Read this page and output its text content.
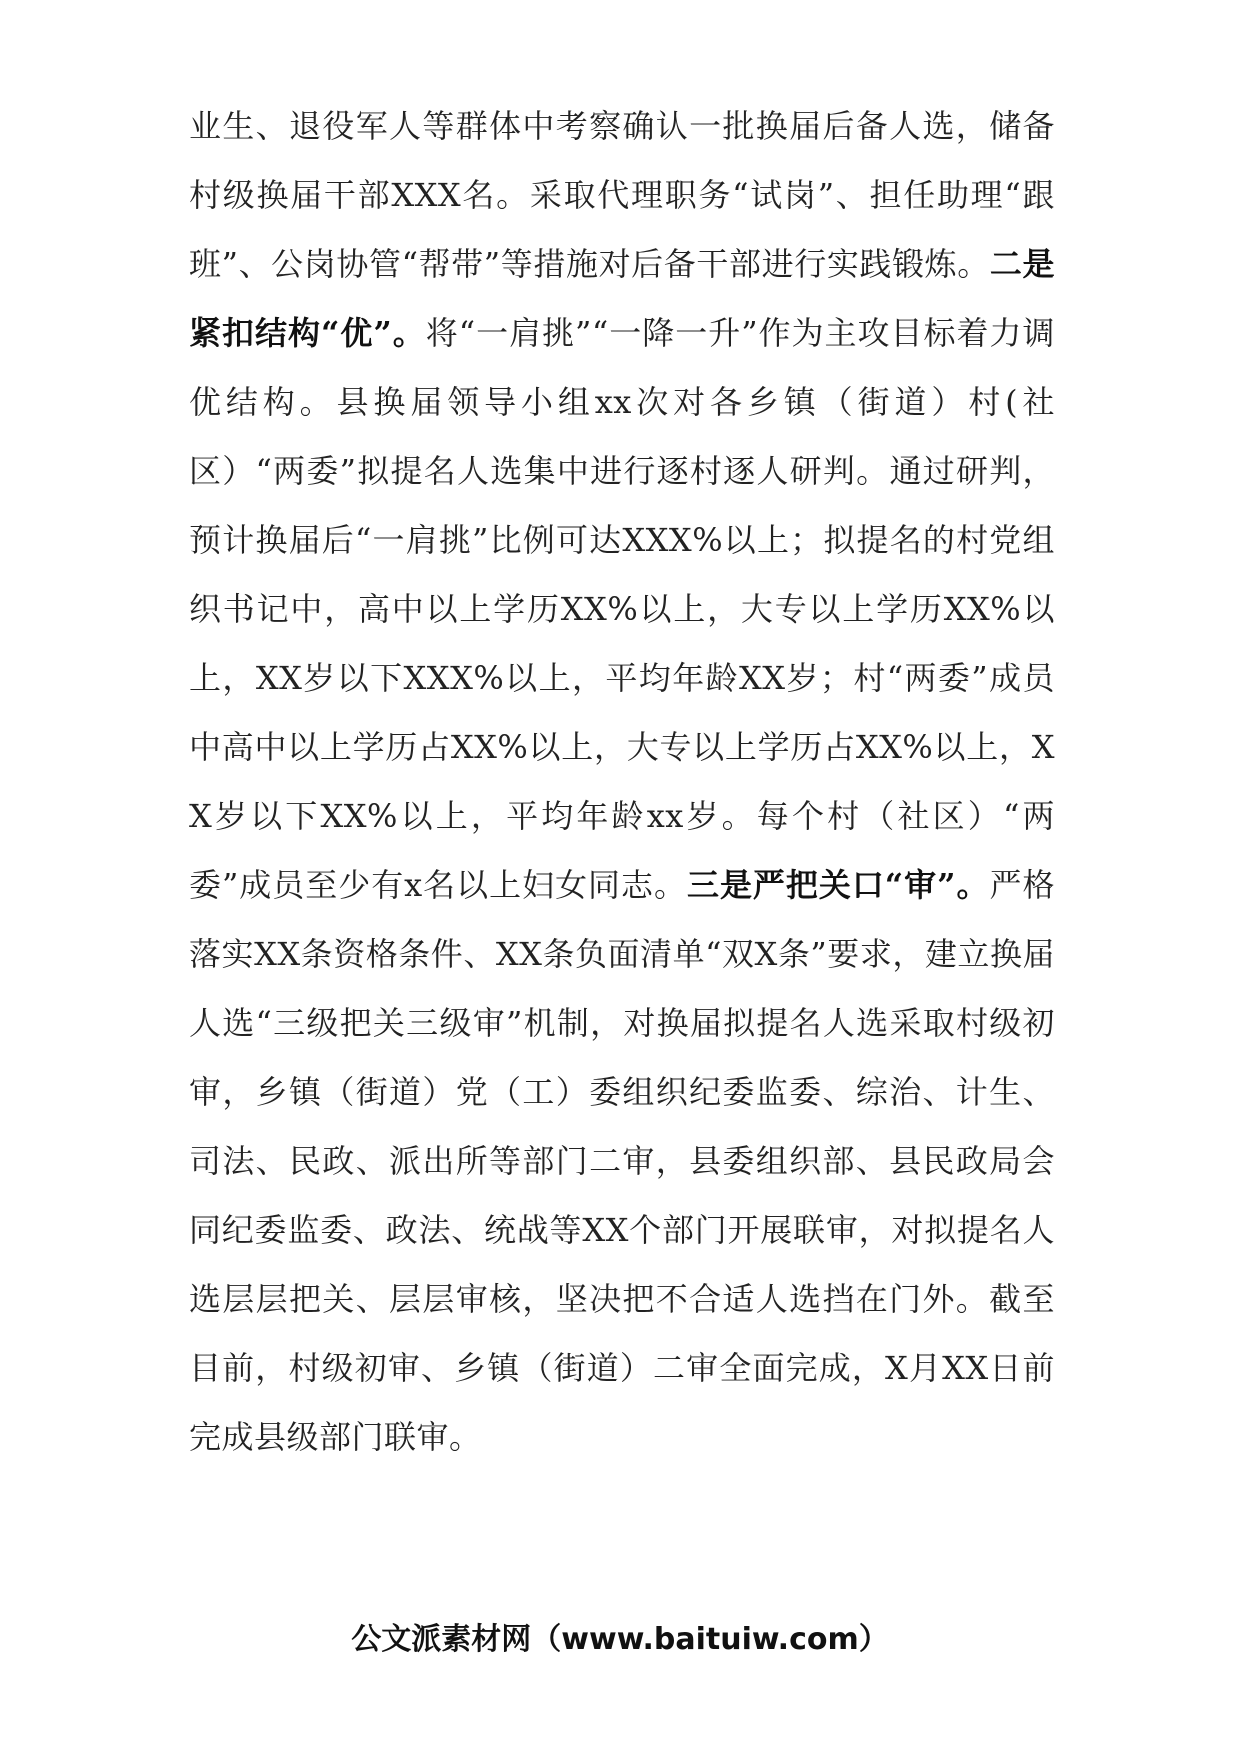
业生、退役军人等群体中考察确认一批换届后备人选，储备村级换届干部XXX名。采取代理职务“试岗”、担任助理“跟班”、公岗协管“帮带”等措施对后备干部进行实践锻炼。二是紧扣结构“优”。将“一肩挑”“一降一升”作为主攻目标着力调优结构。县换届领导小组xx次对各乡镇（街道）村(社区）“两委”拟提名人选集中进行逐村逐人研判。通过研判，预计换届后“一肩挑”比例可达XXX%以上；拟提名的村党组织书记中，高中以上学历XX%以上，大专以上学历XX%以上，XX岁以下XXX%以上，平均年龄XX岁；村“两委”成员中高中以上学历占XX%以上，大专以上学历占XX%以上，XX岁以下XX%以上，平均年龄xx岁。每个村（社区）“两委”成员至少有x名以上妇女同志。三是严把关口“审”。严格落实XX条资格条件、XX条负面清单“双X条”要求，建立换届人选“三级把关三级审”机制，对换届拟提名人选采取村级初审，乡镇（街道）党（工）委组织纪委监委、综治、计生、司法、民政、派出所等部门二审，县委组织部、县民政局会同纪委监委、政法、统战等XX个部门开展联审，对拟提名人选层层把关、层层审核，坚决把不合适人选挡在门外。截至目前，村级初审、乡镇（街道）二审全面完成，X月XX日前完成县级部门联审。

公文派素材网（www.baituiw.com）
